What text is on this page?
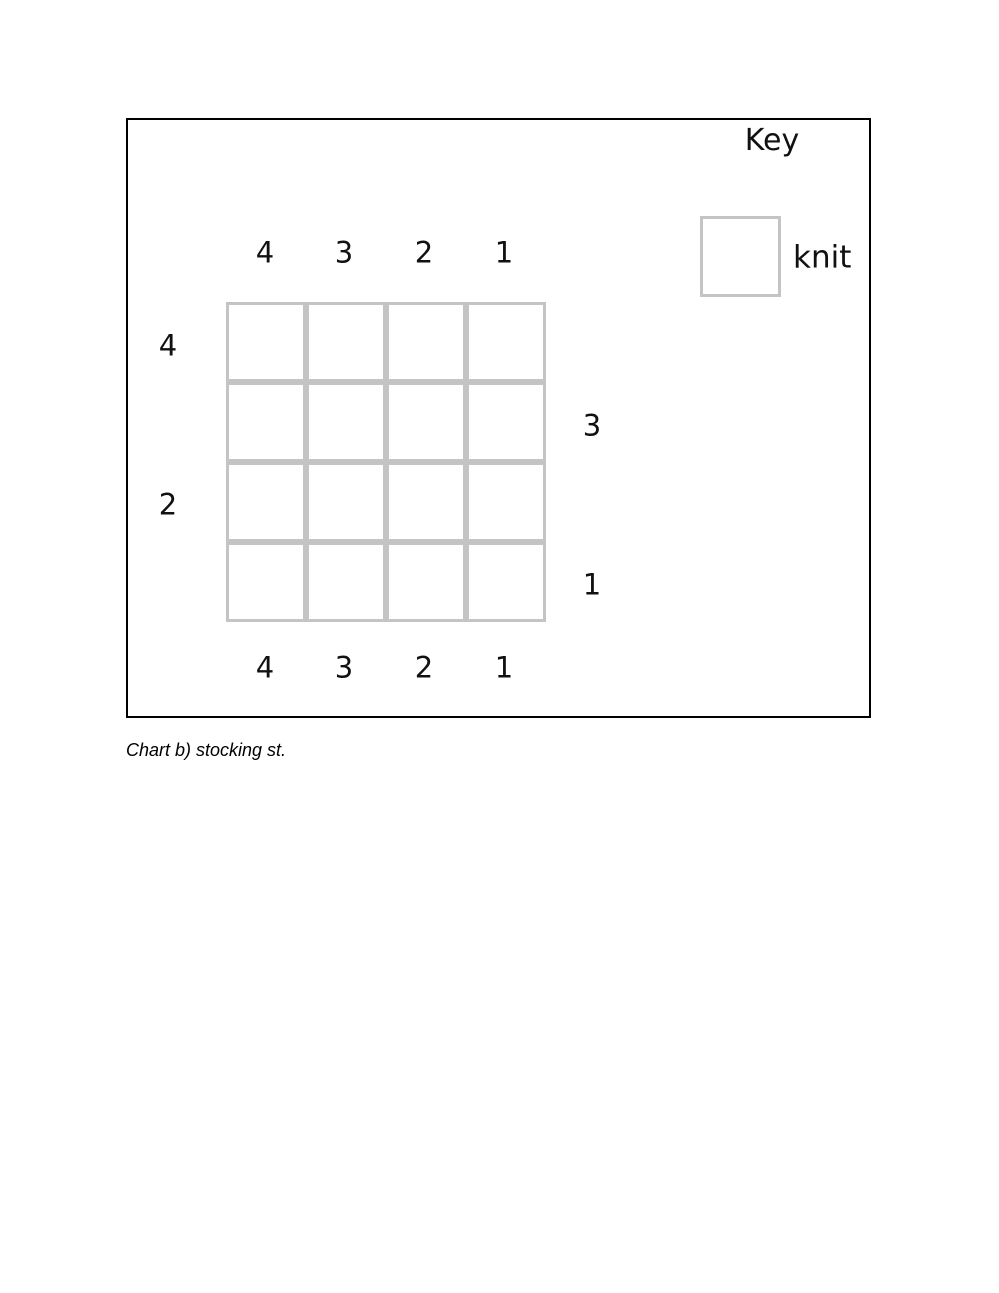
Key
knit
4 3 2 1
4 3 2 1
4
2
3
1
Chart b) stocking st.
